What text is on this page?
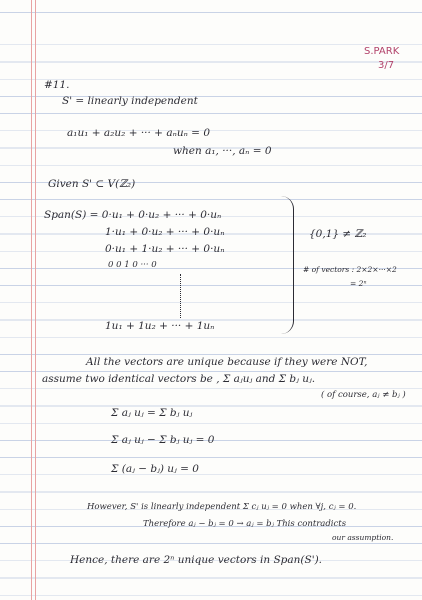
S.PARK
3/7
#11.
S' = linearly independent
a₁u₁ + a₂u₂ + ··· + aₙuₙ = 0
when a₁, ···, aₙ = 0
Given S' ⊂ V(ℤ₂)
Span(S) = 0·u₁ + 0·u₂ + ··· + 0·uₙ
1·u₁ + 0·u₂ + ··· + 0·uₙ
0·u₁ + 1·u₂ + ··· + 0·uₙ
0 0 1 0 ··· 0
1u₁ + 1u₂ + ··· + 1uₙ
{0,1} ≠ ℤ₂
# of vectors : 2×2×···×2
= 2ⁿ
All the vectors are unique because if they were NOT,
assume two identical vectors be , Σ aⱼuⱼ and Σ bⱼ uⱼ.
( of course, aⱼ ≠ bⱼ )
Σ aⱼ uⱼ = Σ bⱼ uⱼ
Σ aⱼ uⱼ − Σ bⱼ uⱼ = 0
Σ (aⱼ − bⱼ) uⱼ = 0
However, S' is linearly independent Σ cⱼ uⱼ = 0 when ∀j, cⱼ = 0.
Therefore aⱼ − bⱼ = 0 → aⱼ = bⱼ This contradicts
our assumption.
Hence, there are 2ⁿ unique vectors in Span(S').
